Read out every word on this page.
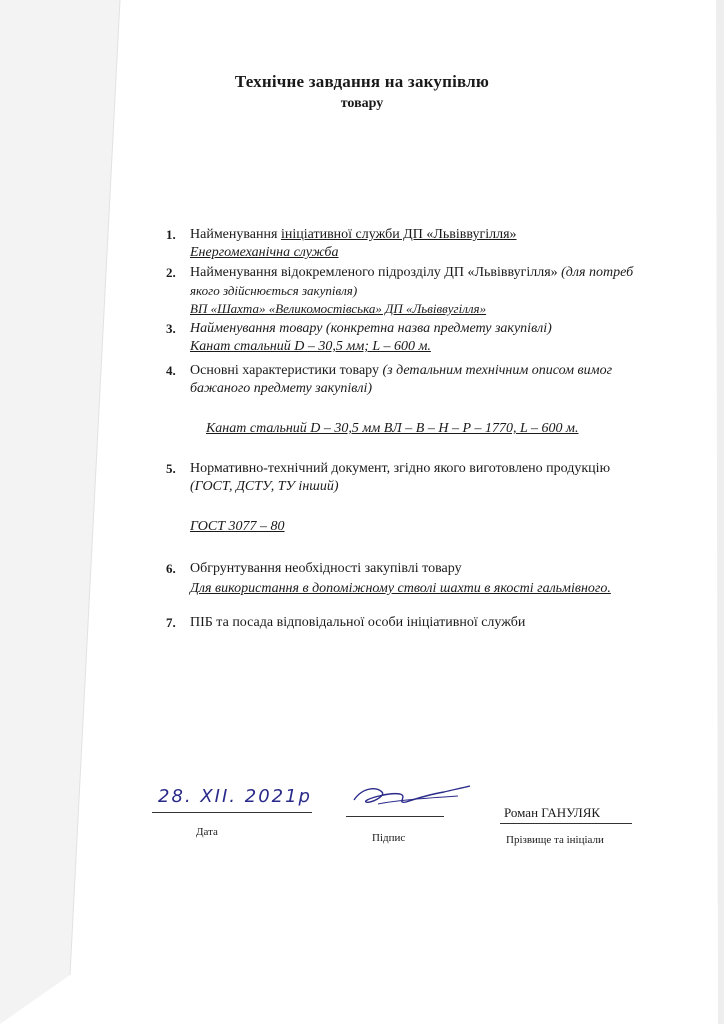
Технічне завдання на закупівлю
товару
1. Найменування ініціативної служби ДП «Львіввугілля»
Енергомеханічна служба
2. Найменування відокремленого підрозділу ДП «Львіввугілля» (для потреб
якого здійснюється закупівля)
ВП «Шахта» «Великомостівська» ДП «Львіввугілля»
3. Найменування товару (конкретна назва предмету закупівлі)
Канат стальний D – 30,5 мм; L – 600 м.
4. Основні характеристики товару (з детальним технічним описом вимог
бажаного предмету закупівлі)
Канат стальний D – 30,5 мм ВЛ – В – Н – Р – 1770, L – 600 м.
5. Нормативно-технічний документ, згідно якого виготовлено продукцію
(ГОСТ, ДСТУ, ТУ інший)
ГОСТ 3077 – 80
6. Обгрунтування необхідності закупівлі товару
Для використання в допоміжному стволі шахти в якості гальмівного.
7. ПІБ та посада відповідальної особи ініціативної служби
28. XII. 2021р
Дата	Підпис
Роман ГАНУЛЯК
Прізвище та ініціали
